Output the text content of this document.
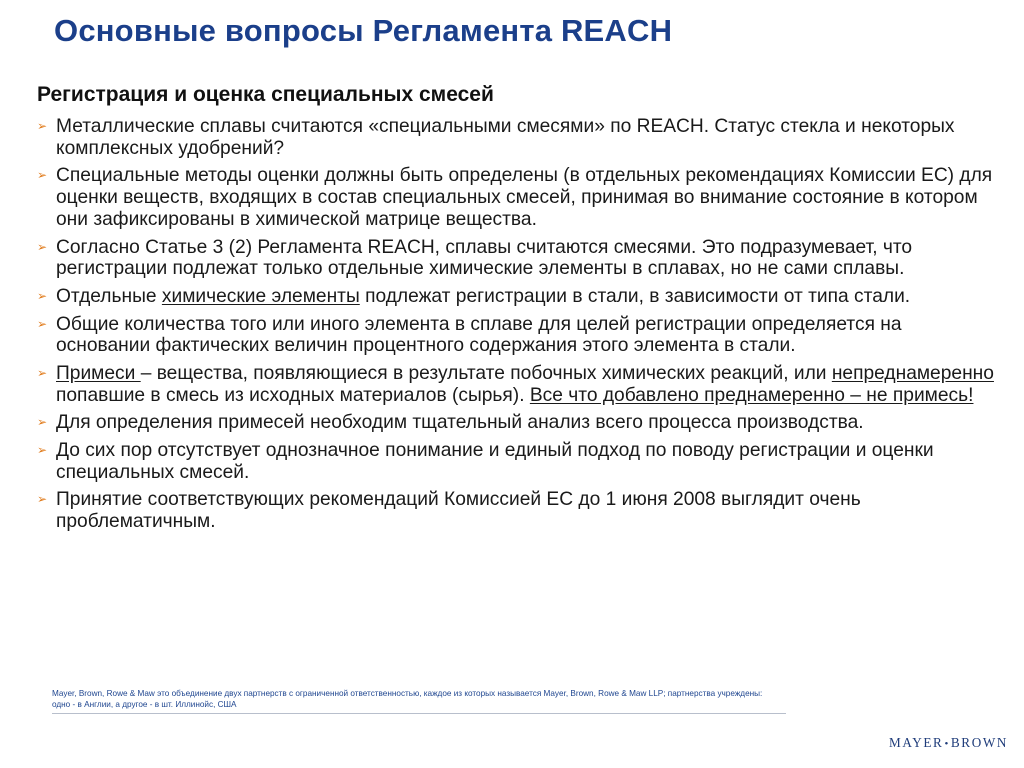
Основные вопросы Регламента REACH
Регистрация и оценка специальных смесей
➢ Металлические сплавы считаются «специальными смесями» по REACH. Статус стекла и некоторых комплексных удобрений?
➢ Специальные методы оценки должны быть определены (в отдельных рекомендациях Комиссии ЕС) для оценки веществ, входящих в состав специальных смесей, принимая во внимание состояние в котором они зафиксированы в химической матрице вещества.
➢ Согласно Статье 3 (2) Регламента REACH, сплавы считаются смесями. Это подразумевает, что регистрации подлежат только отдельные химические элементы в сплавах, но не сами сплавы.
➢ Отдельные химические элементы подлежат регистрации в стали, в зависимости от типа стали.
➢ Общие количества того или иного элемента в сплаве для целей регистрации определяется на основании фактических величин процентного содержания этого элемента в стали.
➢ Примеси – вещества, появляющиеся в результате побочных химических реакций, или непреднамеренно попавшие в смесь из исходных материалов (сырья). Все что добавлено преднамеренно – не примесь!
➢ Для определения примесей необходим тщательный анализ всего процесса производства.
➢ До сих пор отсутствует однозначное понимание и единый подход по поводу регистрации и оценки специальных смесей.
➢ Принятие соответствующих рекомендаций Комиссией ЕС до 1 июня 2008 выглядит очень проблематичным.
Mayer, Brown, Rowe & Maw это объединение двух партнерств с ограниченной ответственностью, каждое из которых называется Mayer, Brown, Rowe & Maw LLP; партнерства учреждены:
одно - в Англии, а другое - в шт. Иллинойс, США
MAYER•BROWN
